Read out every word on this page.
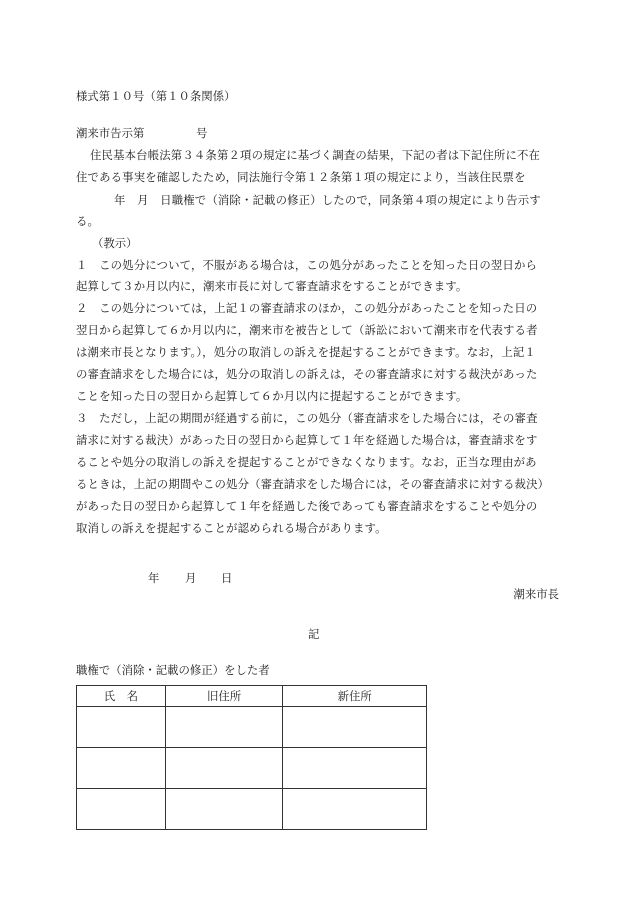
様式第１０号（第１０条関係）
潮来市告示第	号
住民基本台帳法第３４条第２項の規定に基づく調査の結果，下記の者は下記住所に不在
住である事実を確認したため，同法施行令第１２条第１項の規定により，当該住民票を
年　月　日職権で（消除・記載の修正）したので，同条第４項の規定により告示す
る。
（教示）
１　この処分について，不服がある場合は，この処分があったことを知った日の翌日から
起算して３か月以内に，潮来市長に対して審査請求をすることができます。
２　この処分については，上記１の審査請求のほか，この処分があったことを知った日の
翌日から起算して６か月以内に，潮来市を被告として（訴訟において潮来市を代表する者
は潮来市長となります。），処分の取消しの訴えを提起することができます。なお，上記１
の審査請求をした場合には，処分の取消しの訴えは，その審査請求に対する裁決があった
ことを知った日の翌日から起算して６か月以内に提起することができます。
３　ただし，上記の期間が経過する前に，この処分（審査請求をした場合には，その審査
請求に対する裁決）があった日の翌日から起算して１年を経過した場合は，審査請求をす
ることや処分の取消しの訴えを提起することができなくなります。なお，正当な理由があ
るときは，上記の期間やこの処分（審査請求をした場合には，その審査請求に対する裁決）
があった日の翌日から起算して１年を経過した後であっても審査請求をすることや処分の
取消しの訴えを提起することが認められる場合があります。
年 月 日
潮来市長
記
職権で（消除・記載の修正）をした者
氏　名	旧住所	新住所
